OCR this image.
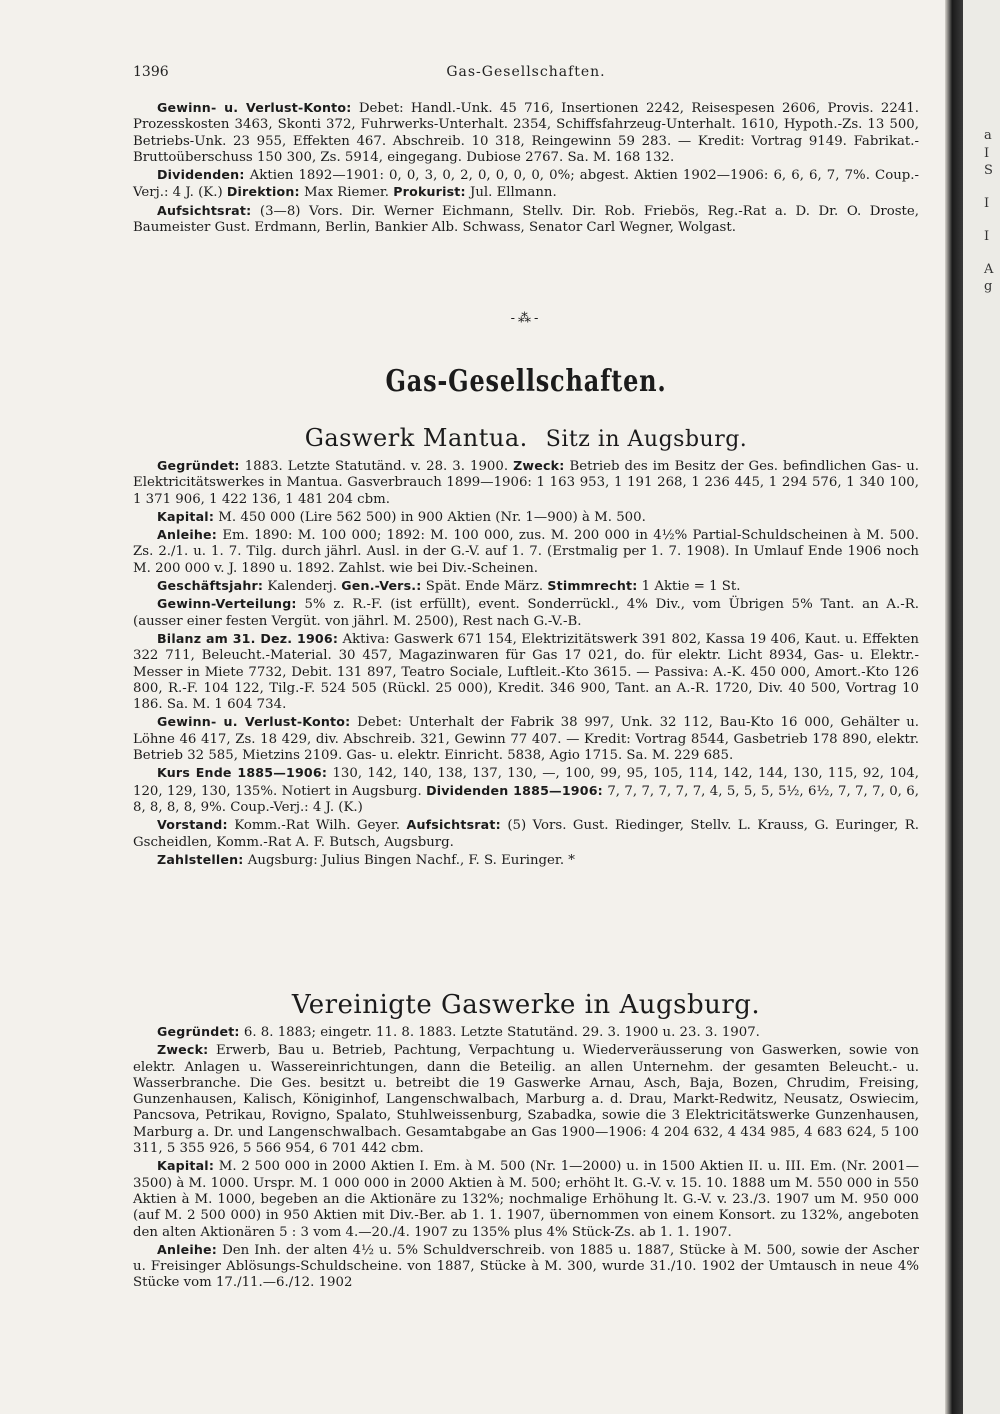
1396	Gas-Gesellschaften.

Gewinn- u. Verlust-Konto: Debet: Handl.-Unk. 45 716, Insertionen 2242, Reisespesen 2606, Provis. 2241. Prozesskosten 3463, Skonti 372, Fuhrwerks-Unterhalt. 2354, Schiffsfahrzeug-Unterhalt. 1610, Hypoth.-Zs. 13 500, Betriebs-Unk. 23 955, Effekten 467. Abschreib. 10 318, Reingewinn 59 283. — Kredit: Vortrag 9149. Fabrikat.-Bruttoüberschuss 150 300, Zs. 5914, eingegang. Dubiose 2767. Sa. M. 168 132.

Dividenden: Aktien 1892—1901: 0, 0, 3, 0, 2, 0, 0, 0, 0, 0%; abgest. Aktien 1902—1906: 6, 6, 6, 7, 7%. Coup.-Verj.: 4 J. (K.) Direktion: Max Riemer. Prokurist: Jul. Ellmann.

Aufsichtsrat: (3—8) Vors. Dir. Werner Eichmann, Stellv. Dir. Rob. Friebös, Reg.-Rat a. D. Dr. O. Droste, Baumeister Gust. Erdmann, Berlin, Bankier Alb. Schwass, Senator Carl Wegner, Wolgast.

-⁂-

Gas-Gesellschaften.

Gaswerk Mantua. Sitz in Augsburg.

Gegründet: 1883. Letzte Statutänd. v. 28. 3. 1900. Zweck: Betrieb des im Besitz der Ges. befindlichen Gas- u. Elektricitätswerkes in Mantua. Gasverbrauch 1899—1906: 1 163 953, 1 191 268, 1 236 445, 1 294 576, 1 340 100, 1 371 906, 1 422 136, 1 481 204 cbm.

Kapital: M. 450 000 (Lire 562 500) in 900 Aktien (Nr. 1—900) à M. 500.

Anleihe: Em. 1890: M. 100 000; 1892: M. 100 000, zus. M. 200 000 in 4½% Partial-Schuldscheinen à M. 500. Zs. 2./1. u. 1. 7. Tilg. durch jährl. Ausl. in der G.-V. auf 1. 7. (Erstmalig per 1. 7. 1908). In Umlauf Ende 1906 noch M. 200 000 v. J. 1890 u. 1892. Zahlst. wie bei Div.-Scheinen.

Geschäftsjahr: Kalenderj. Gen.-Vers.: Spät. Ende März. Stimmrecht: 1 Aktie = 1 St.

Gewinn-Verteilung: 5% z. R.-F. (ist erfüllt), event. Sonderrückl., 4% Div., vom Übrigen 5% Tant. an A.-R. (ausser einer festen Vergüt. von jährl. M. 2500), Rest nach G.-V.-B.

Bilanz am 31. Dez. 1906: Aktiva: Gaswerk 671 154, Elektrizitätswerk 391 802, Kassa 19 406, Kaut. u. Effekten 322 711, Beleucht.-Material. 30 457, Magazinwaren für Gas 17 021, do. für elektr. Licht 8934, Gas- u. Elektr.-Messer in Miete 7732, Debit. 131 897, Teatro Sociale, Luftleit.-Kto 3615. — Passiva: A.-K. 450 000, Amort.-Kto 126 800, R.-F. 104 122, Tilg.-F. 524 505 (Rückl. 25 000), Kredit. 346 900, Tant. an A.-R. 1720, Div. 40 500, Vortrag 10 186. Sa. M. 1 604 734.

Gewinn- u. Verlust-Konto: Debet: Unterhalt der Fabrik 38 997, Unk. 32 112, Bau-Kto 16 000, Gehälter u. Löhne 46 417, Zs. 18 429, div. Abschreib. 321, Gewinn 77 407. — Kredit: Vortrag 8544, Gasbetrieb 178 890, elektr. Betrieb 32 585, Mietzins 2109. Gas- u. elektr. Einricht. 5838, Agio 1715. Sa. M. 229 685.

Kurs Ende 1885—1906: 130, 142, 140, 138, 137, 130, —, 100, 99, 95, 105, 114, 142, 144, 130, 115, 92, 104, 120, 129, 130, 135%. Notiert in Augsburg. Dividenden 1885—1906: 7, 7, 7, 7, 7, 7, 4, 5, 5, 5, 5½, 6½, 7, 7, 7, 0, 6, 8, 8, 8, 8, 9%. Coup.-Verj.: 4 J. (K.)

Vorstand: Komm.-Rat Wilh. Geyer. Aufsichtsrat: (5) Vors. Gust. Riedinger, Stellv. L. Krauss, G. Euringer, R. Gscheidlen, Komm.-Rat A. F. Butsch, Augsburg.

Zahlstellen: Augsburg: Julius Bingen Nachf., F. S. Euringer. *

Vereinigte Gaswerke in Augsburg.

Gegründet: 6. 8. 1883; eingetr. 11. 8. 1883. Letzte Statutänd. 29. 3. 1900 u. 23. 3. 1907.

Zweck: Erwerb, Bau u. Betrieb, Pachtung, Verpachtung u. Wiederveräusserung von Gaswerken, sowie von elektr. Anlagen u. Wassereinrichtungen, dann die Beteilig. an allen Unternehm. der gesamten Beleucht.- u. Wasserbranche. Die Ges. besitzt u. betreibt die 19 Gaswerke Arnau, Asch, Baja, Bozen, Chrudim, Freising, Gunzenhausen, Kalisch, Königinhof, Langenschwalbach, Marburg a. d. Drau, Markt-Redwitz, Neusatz, Oswiecim, Pancsova, Petrikau, Rovigno, Spalato, Stuhlweissenburg, Szabadka, sowie die 3 Elektricitätswerke Gunzenhausen, Marburg a. Dr. und Langenschwalbach. Gesamtabgabe an Gas 1900—1906: 4 204 632, 4 434 985, 4 683 624, 5 100 311, 5 355 926, 5 566 954, 6 701 442 cbm.

Kapital: M. 2 500 000 in 2000 Aktien I. Em. à M. 500 (Nr. 1—2000) u. in 1500 Aktien II. u. III. Em. (Nr. 2001—3500) à M. 1000. Urspr. M. 1 000 000 in 2000 Aktien à M. 500; erhöht lt. G.-V. v. 15. 10. 1888 um M. 550 000 in 550 Aktien à M. 1000, begeben an die Aktionäre zu 132%; nochmalige Erhöhung lt. G.-V. v. 23./3. 1907 um M. 950 000 (auf M. 2 500 000) in 950 Aktien mit Div.-Ber. ab 1. 1. 1907, übernommen von einem Konsort. zu 132%, angeboten den alten Aktionären 5 : 3 vom 4.—20./4. 1907 zu 135% plus 4% Stück-Zs. ab 1. 1. 1907.

Anleihe: Den Inh. der alten 4½ u. 5% Schuldverschreib. von 1885 u. 1887, Stücke à M. 500, sowie der Ascher u. Freisinger Ablösungs-Schuldscheine. von 1887, Stücke à M. 300, wurde 31./10. 1902 der Umtausch in neue 4% Stücke vom 17./11.—6./12. 1902

a
I
S
I
I
A
g
